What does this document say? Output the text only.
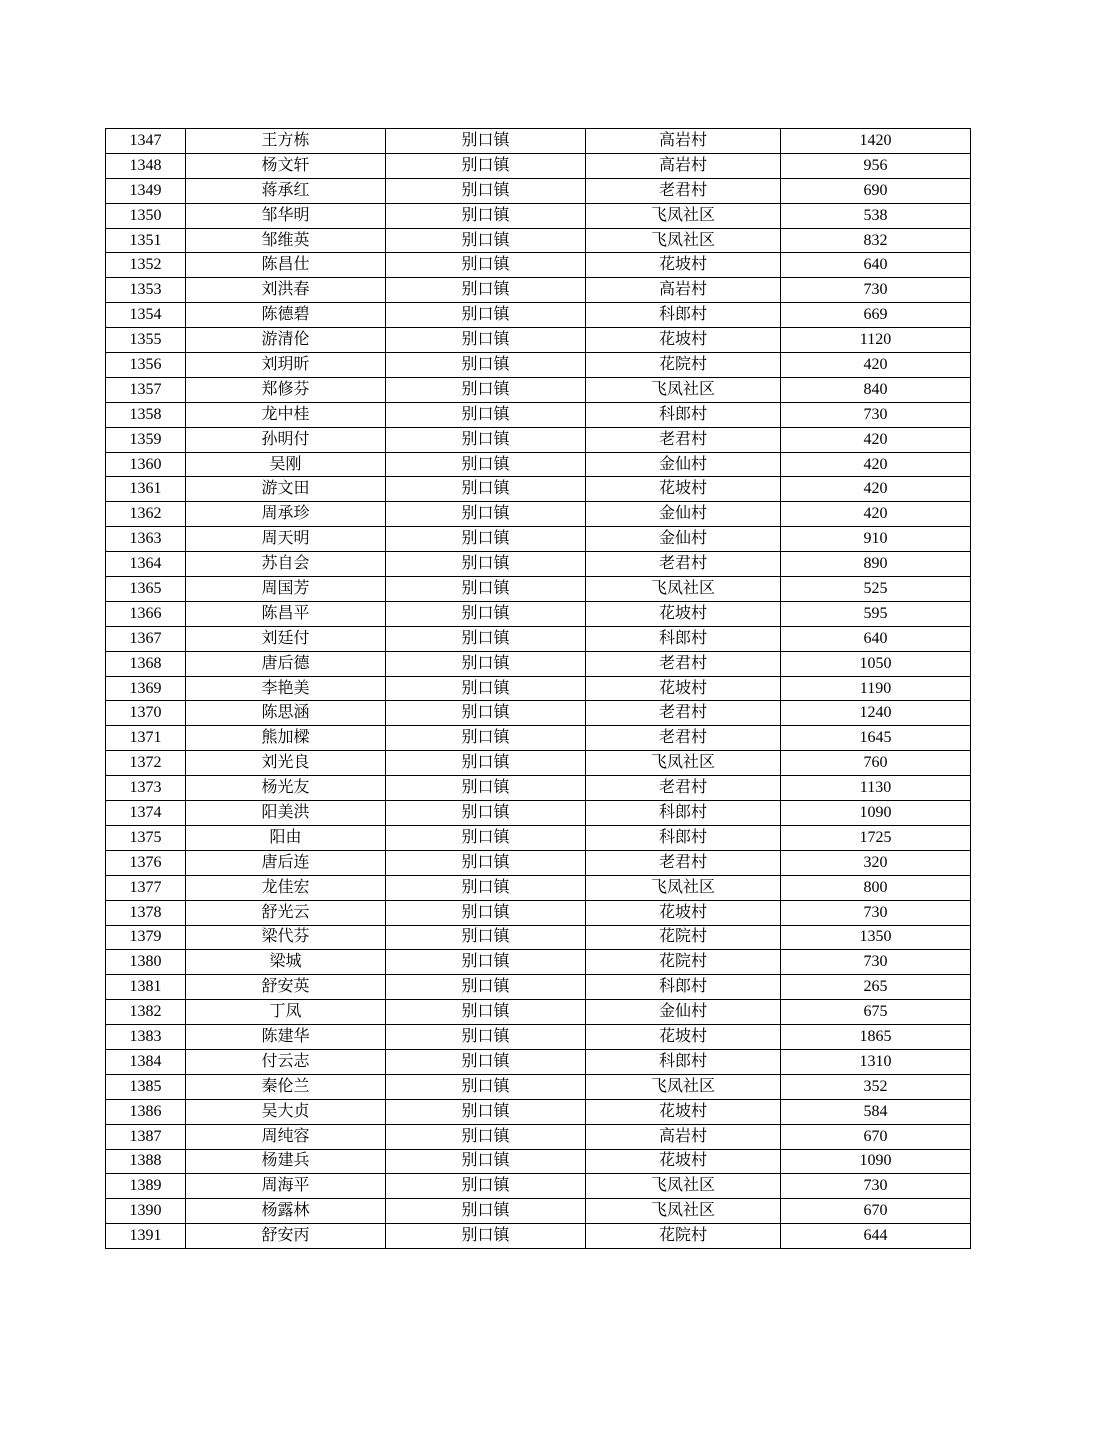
1347	王方栋	别口镇	高岩村	1420
1348	杨文轩	别口镇	高岩村	956
1349	蒋承红	别口镇	老君村	690
1350	邹华明	别口镇	飞凤社区	538
1351	邹维英	别口镇	飞凤社区	832
1352	陈昌仕	别口镇	花坡村	640
1353	刘洪春	别口镇	高岩村	730
1354	陈德碧	别口镇	科郎村	669
1355	游清伦	别口镇	花坡村	1120
1356	刘玥昕	别口镇	花院村	420
1357	郑修芬	别口镇	飞凤社区	840
1358	龙中桂	别口镇	科郎村	730
1359	孙明付	别口镇	老君村	420
1360	吴刚	别口镇	金仙村	420
1361	游文田	别口镇	花坡村	420
1362	周承珍	别口镇	金仙村	420
1363	周天明	别口镇	金仙村	910
1364	苏自会	别口镇	老君村	890
1365	周国芳	别口镇	飞凤社区	525
1366	陈昌平	别口镇	花坡村	595
1367	刘廷付	别口镇	科郎村	640
1368	唐后德	别口镇	老君村	1050
1369	李艳美	别口镇	花坡村	1190
1370	陈思涵	别口镇	老君村	1240
1371	熊加樑	别口镇	老君村	1645
1372	刘光良	别口镇	飞凤社区	760
1373	杨光友	别口镇	老君村	1130
1374	阳美洪	别口镇	科郎村	1090
1375	阳由	别口镇	科郎村	1725
1376	唐后连	别口镇	老君村	320
1377	龙佳宏	别口镇	飞凤社区	800
1378	舒光云	别口镇	花坡村	730
1379	梁代芬	别口镇	花院村	1350
1380	梁城	别口镇	花院村	730
1381	舒安英	别口镇	科郎村	265
1382	丁凤	别口镇	金仙村	675
1383	陈建华	别口镇	花坡村	1865
1384	付云志	别口镇	科郎村	1310
1385	秦伦兰	别口镇	飞凤社区	352
1386	吴大贞	别口镇	花坡村	584
1387	周纯容	别口镇	高岩村	670
1388	杨建兵	别口镇	花坡村	1090
1389	周海平	别口镇	飞凤社区	730
1390	杨露林	别口镇	飞凤社区	670
1391	舒安丙	别口镇	花院村	644
